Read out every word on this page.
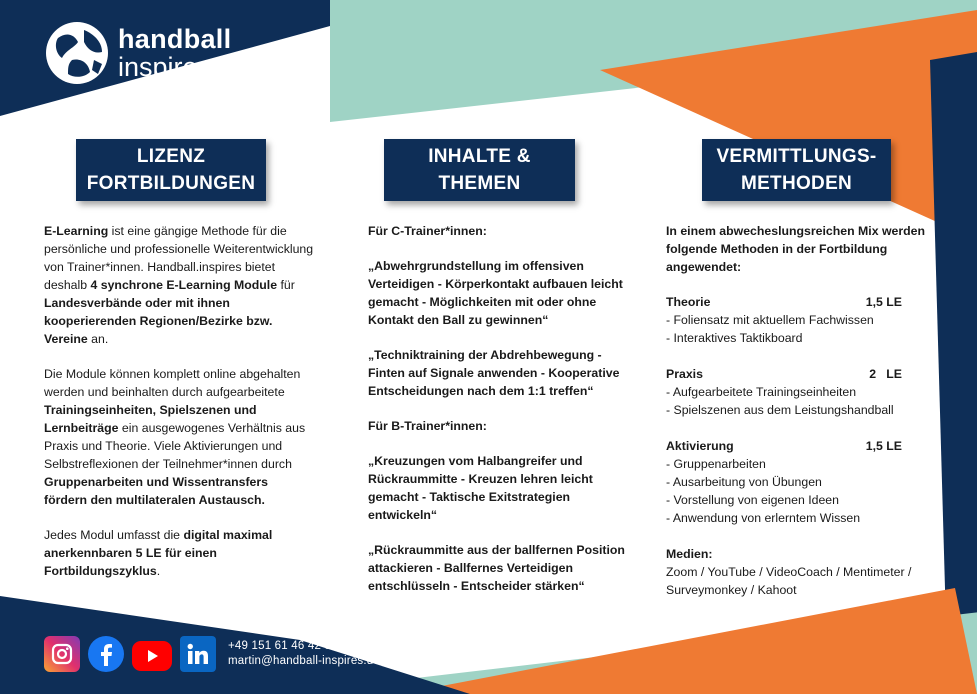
handball
inspires.
LIZENZ
FORTBILDUNGEN
INHALTE &
THEMEN
VERMITTLUNGS-
METHODEN

E-Learning ist eine gängige Methode für die persönliche und professionelle Weiterentwicklung von Trainer*innen. Handball.inspires bietet deshalb 4 synchrone E-Learning Module für Landesverbände oder mit ihnen kooperierenden Regionen/Bezirke bzw. Vereine an.

Die Module können komplett online abgehalten werden und beinhalten durch aufgearbeitete Trainingseinheiten, Spielszenen und Lernbeiträge ein ausgewogenes Verhältnis aus Praxis und Theorie. Viele Aktivierungen und Selbstreflexionen der Teilnehmer*innen durch Gruppenarbeiten und Wissentransfers fördern den multilateralen Austausch.

Jedes Modul umfasst die digital maximal anerkennbaren 5 LE für einen Fortbildungszyklus.

Für C-Trainer*innen:

„Abwehrgrundstellung im offensiven Verteidigen - Körperkontakt aufbauen leicht gemacht - Möglichkeiten mit oder ohne Kontakt den Ball zu gewinnen“

„Techniktraining der Abdrehbewegung - Finten auf Signale anwenden - Kooperative Entscheidungen nach dem 1:1 treffen“

Für B-Trainer*innen:

„Kreuzungen vom Halbangreifer und Rückraummitte - Kreuzen lehren leicht gemacht - Taktische Exitstrategien entwickeln“

„Rückraummitte aus der ballfernen Position attackieren - Ballfernes Verteidigen entschlüsseln - Entscheider stärken“

In einem abwecheslungsreichen Mix werden folgende Methoden in der Fortbildung angewendet:

Theorie	1,5 LE
- Foliensatz mit aktuellem Fachwissen
- Interaktives Taktikboard
Praxis	2   LE
- Aufgearbeitete Trainingseinheiten
- Spielszenen aus dem Leistungshandball
Aktivierung	1,5 LE
- Gruppenarbeiten
- Ausarbeitung von Übungen
- Vorstellung von eigenen Ideen
- Anwendung von erlerntem Wissen
Medien:
Zoom / YouTube / VideoCoach / Mentimeter / Surveymonkey / Kahoot
+49 151 61 46 42 88
martin@handball-inspires.de
